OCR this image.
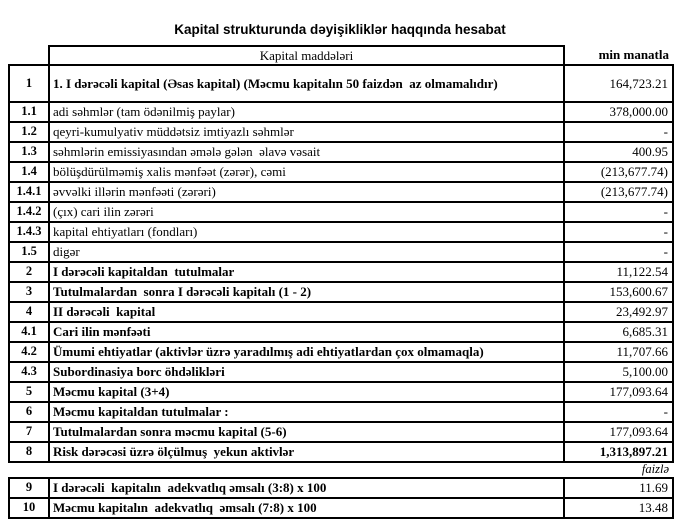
Kapital strukturunda dəyişikliklər haqqında hesabat
	Kapital maddələri	min manatla
1	1. I dərəcəli kapital (Əsas kapital) (Məcmu kapitalın 50 faizdən  az olmamalıdır)	164,723.21
1.1	adi səhmlər (tam ödənilmiş paylar)	378,000.00
1.2	qeyri-kumulyativ müddətsiz imtiyazlı səhmlər	-
1.3	səhmlərin emissiyasından əmələ gələn  əlavə vəsait	400.95
1.4	bölüşdürülməmiş xalis mənfəət (zərər), cəmi	(213,677.74)
1.4.1	əvvəlki illərin mənfəəti (zərəri)	(213,677.74)
1.4.2	(çıx) cari ilin zərəri	-
1.4.3	kapital ehtiyatları (fondları)	-
1.5	digər	-
2	I dərəcəli kapitaldan  tutulmalar	11,122.54
3	Tutulmalardan  sonra I dərəcəli kapitalı (1 - 2)	153,600.67
4	II dərəcəli  kapital	23,492.97
4.1	Cari ilin mənfəəti	6,685.31
4.2	Ümumi ehtiyatlar (aktivlər üzrə yaradılmış adi ehtiyatlardan çox olmamaqla)	11,707.66
4.3	Subordinasiya borc öhdəlikləri	5,100.00
5	Məcmu kapital (3+4)	177,093.64
6	Məcmu kapitaldan tutulmalar :	-
7	Tutulmalardan sonra məcmu kapital (5-6)	177,093.64
8	Risk dərəcəsi üzrə ölçülmuş  yekun aktivlər	1,313,897.21
faizlə		
9	I dərəcəli  kapitalın  adekvatlıq əmsalı (3:8) x 100	11.69
10	Məcmu kapitalın  adekvatlıq  əmsalı (7:8) x 100	13.48
